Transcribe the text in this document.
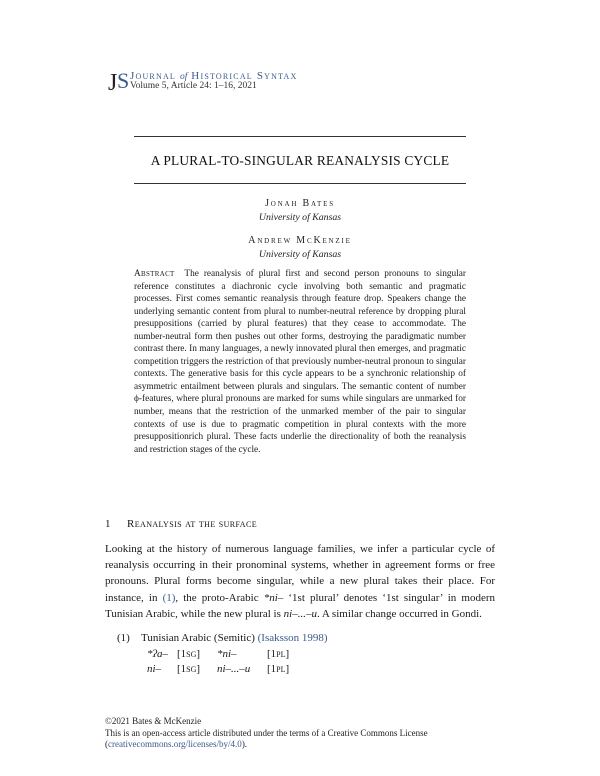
J S Journal of Historical Syntax
Volume 5, Article 24: 1–16, 2021
A PLURAL-TO-SINGULAR REANALYSIS CYCLE
Jonah Bates
University of Kansas
Andrew McKenzie
University of Kansas
Abstract The reanalysis of plural first and second person pronouns to singular reference constitutes a diachronic cycle involving both semantic and pragmatic processes. First comes semantic reanalysis through feature drop. Speakers change the underlying semantic content from plural to number-neutral reference by dropping plural presuppositions (carried by plural features) that they cease to accommodate. The number-neutral form then pushes out other forms, destroying the paradigmatic number contrast there. In many languages, a newly innovated plural then emerges, and pragmatic competition triggers the restriction of that previously number-neutral pronoun to singular contexts. The generative basis for this cycle appears to be a synchronic relationship of asymmetric entailment between plurals and singulars. The semantic content of number ϕ-features, where plural pronouns are marked for sums while singulars are unmarked for number, means that the restriction of the unmarked member of the pair to singular contexts of use is due to pragmatic competition in plural contexts with the more presuppositionrich plural. These facts underlie the directionality of both the reanalysis and restriction stages of the cycle.
1 Reanalysis at the surface
Looking at the history of numerous language families, we infer a particular cycle of reanalysis occurring in their pronominal systems, whether in agreement forms or free pronouns. Plural forms become singular, while a new plural takes their place. For instance, in (1), the proto-Arabic *ni– ‘1st plural’ denotes ‘1st singular’ in modern Tunisian Arabic, while the new plural is ni–...–u. A similar change occurred in Gondi.
(1) Tunisian Arabic (Semitic) (Isaksson 1998)
*ʔa– [1sg] *ni–	[1pl]
ni– [1sg] ni–...–u [1pl]
©2021 Bates & McKenzie
This is an open-access article distributed under the terms of a Creative Commons License
(creativecommons.org/licenses/by/4.0).
